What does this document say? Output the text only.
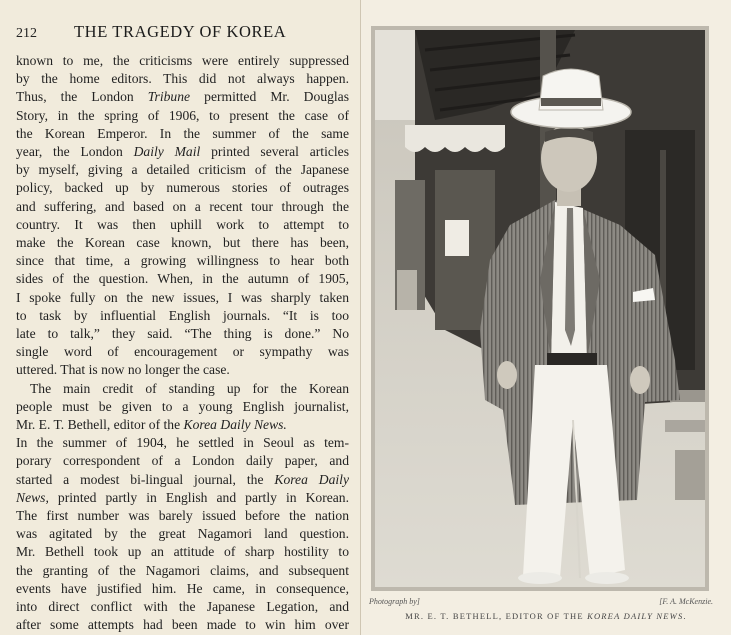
212	THE TRAGEDY OF KOREA
known to me, the criticisms were entirely suppressed
by the home editors. This did not always happen.
Thus, the London Tribune permitted Mr. Douglas
Story, in the spring of 1906, to present the case of
the Korean Emperor. In the summer of the same
year, the London Daily Mail printed several articles
by myself, giving a detailed criticism of the Japanese
policy, backed up by numerous stories of outrages
and suffering, and based on a recent tour through the
country. It was then uphill work to attempt to
make the Korean case known, but there has been,
since that time, a growing willingness to hear both
sides of the question. When, in the autumn of 1905,
I spoke fully on the new issues, I was sharply taken
to task by influential English journals. “It is too
late to talk,” they said. “The thing is done.” No
single word of encouragement or sympathy was
uttered. That is now no longer the case.
The main credit of standing up for the Korean
people must be given to a young English journalist,
Mr. E. T. Bethell, editor of the Korea Daily News.
In the summer of 1904, he settled in Seoul as tem-
porary correspondent of a London daily paper, and
started a modest bi-lingual journal, the Korea Daily
News, printed partly in English and partly in Korean.
The first number was barely issued before the nation
was agitated by the great Nagamori land question.
Mr. Bethell took up an attitude of sharp hostility to
the granting of the Nagamori claims, and subsequent
events have justified him. He came, in consequence,
into direct conflict with the Japanese Legation, and
after some attempts had been made to win him over
Photograph by]	[F. A. McKenzie.
MR. E. T. BETHELL, EDITOR OF THE KOREA DAILY NEWS.
